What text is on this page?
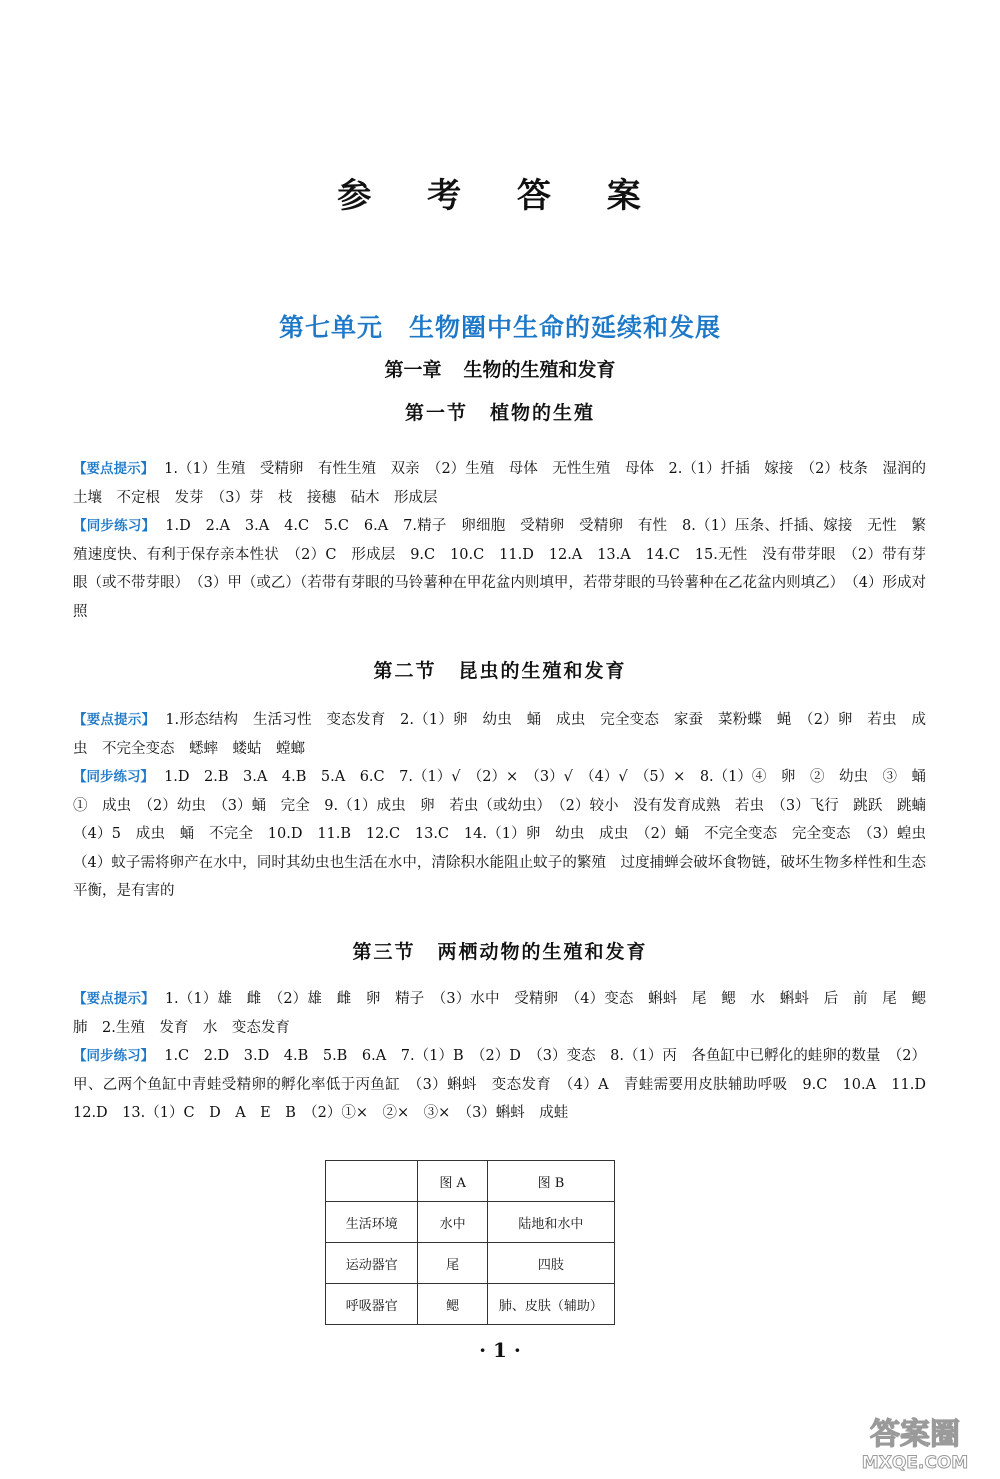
参 考 答 案
第七单元 生物圈中生命的延续和发展
第一章 生物的生殖和发育
第一节 植物的生殖

【要点提示】 1.（1）生殖　受精卵　有性生殖　双亲　（2）生殖　母体　无性生殖　母体　2.（1）扦插　嫁接　（2）枝条　湿润的土壤　不定根　发芽　（3）芽　枝　接穗　砧木　形成层

【同步练习】 1.D　2.A　3.A　4.C　5.C　6.A　7.精子　卵细胞　受精卵　受精卵　有性　8.（1）压条、扦插、嫁接　无性　繁殖速度快、有利于保存亲本性状　（2）C　形成层　9.C　10.C　11.D　12.A　13.A　14.C　15.无性　没有带芽眼　（2）带有芽眼（或不带芽眼）　（3）甲（或乙）（若带有芽眼的马铃薯种在甲花盆内则填甲，若带芽眼的马铃薯种在乙花盆内则填乙）　（4）形成对照

第二节 昆虫的生殖和发育

【要点提示】 1.形态结构　生活习性　变态发育　2.（1）卵　幼虫　蛹　成虫　完全变态　家蚕　菜粉蝶　蝇　（2）卵　若虫　成虫　不完全变态　蟋蟀　蝼蛄　螳螂

【同步练习】 1.D　2.B　3.A　4.B　5.A　6.C　7.（1）√　（2）×　（3）√　（4）√　（5）×　8.（1）④　卵　②　幼虫　③　蛹　①　成虫　（2）幼虫　（3）蛹　完全　9.（1）成虫　卵　若虫（或幼虫）　（2）较小　没有发育成熟　若虫　（3）飞行　跳跃　跳蝻　（4）5　成虫　蛹　不完全　10.D　11.B　12.C　13.C　14.（1）卵　幼虫　成虫　（2）蛹　不完全变态　完全变态　（3）蝗虫　（4）蚊子需将卵产在水中，同时其幼虫也生活在水中，清除积水能阻止蚊子的繁殖　过度捕蝉会破坏食物链，破坏生物多样性和生态平衡，是有害的

第三节 两栖动物的生殖和发育

【要点提示】 1.（1）雄　雌　（2）雄　雌　卵　精子　（3）水中　受精卵　（4）变态　蝌蚪　尾　鳃　水　蝌蚪　后　前　尾　鳃　肺　2.生殖　发育　水　变态发育

【同步练习】 1.C　2.D　3.D　4.B　5.B　6.A　7.（1）B　（2）D　（3）变态　8.（1）丙　各鱼缸中已孵化的蛙卵的数量　（2）甲、乙两个鱼缸中青蛙受精卵的孵化率低于丙鱼缸　（3）蝌蚪　变态发育　（4）A　青蛙需要用皮肤辅助呼吸　9.C　10.A　11.D　12.D　13.（1）C　D　A　E　B　（2）①×　②×　③×　（3）蝌蚪　成蛙

	图 A	图 B
生活环境	水中	陆地和水中
运动器官	尾	四肢
呼吸器官	鳃	肺、皮肤（辅助）

· 1 ·

答案圈
MXQE.COM
